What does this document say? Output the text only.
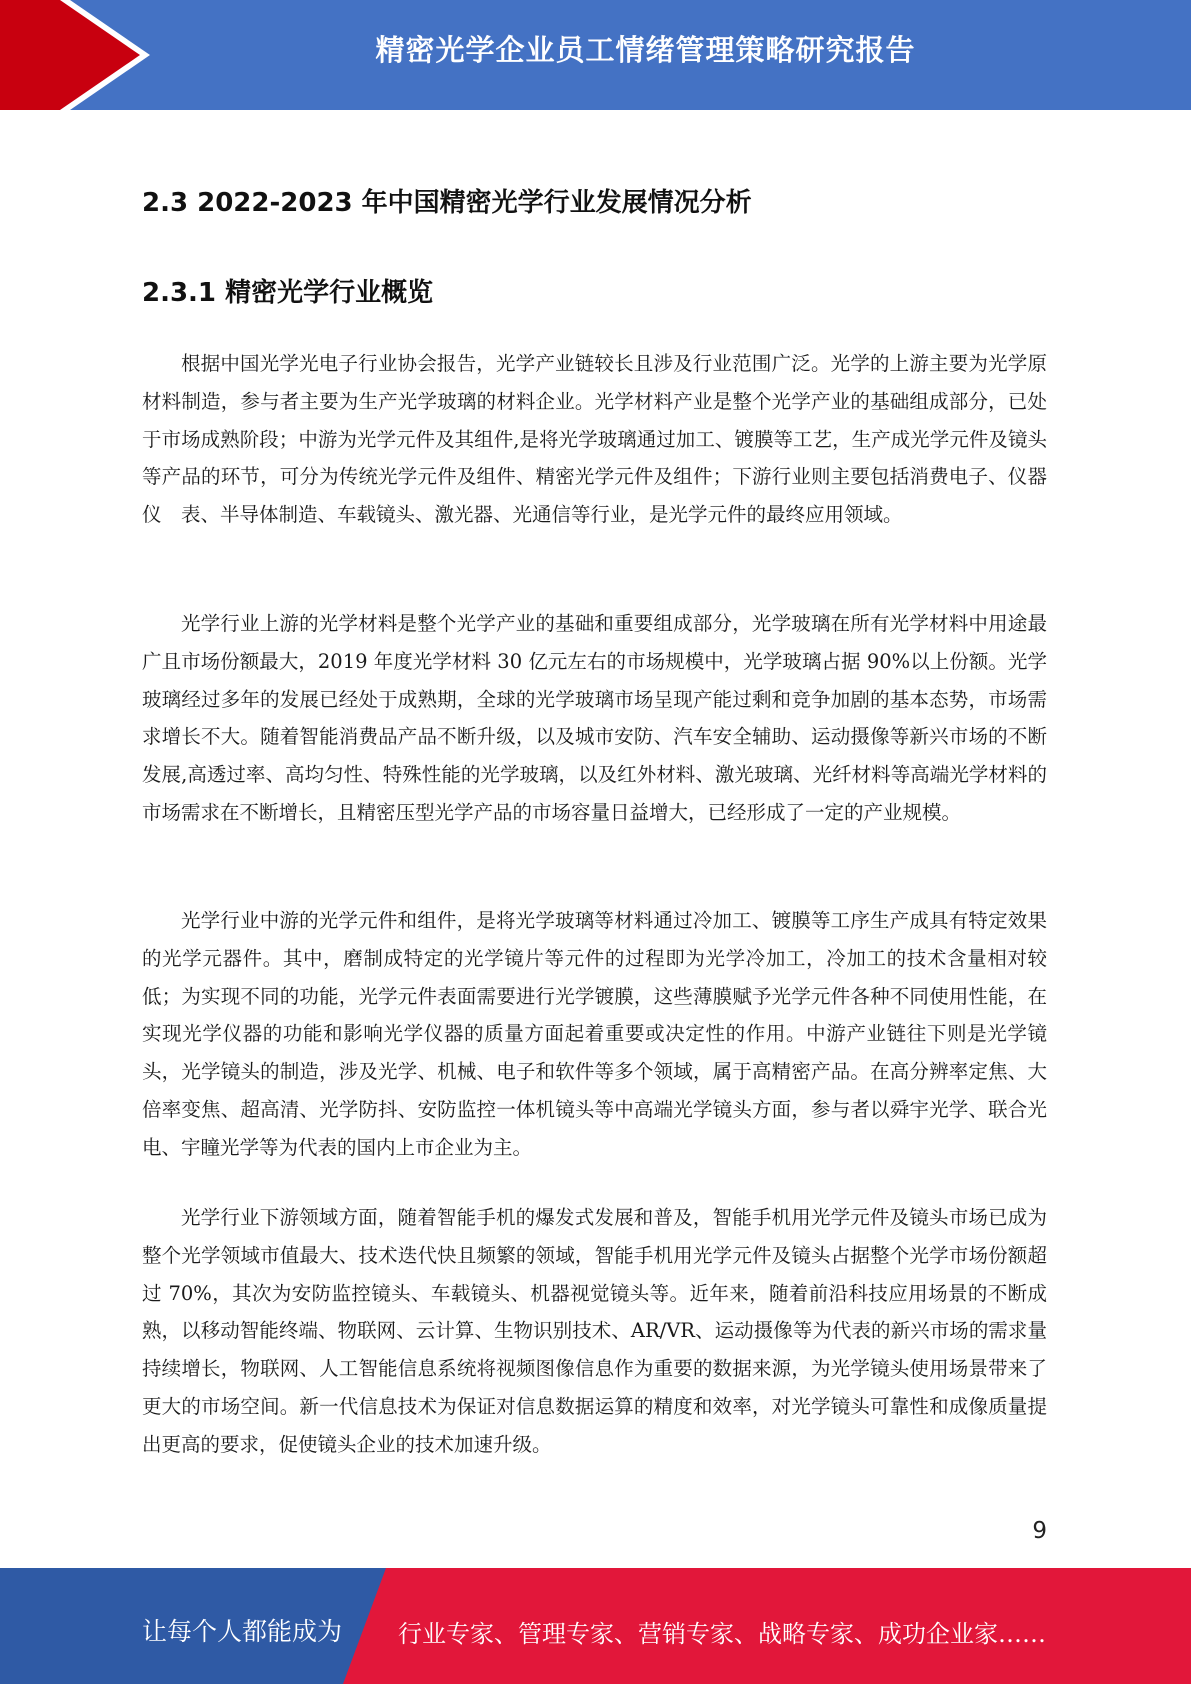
精密光学企业员工情绪管理策略研究报告
2.3 2022-2023 年中国精密光学行业发展情况分析
2.3.1 精密光学行业概览

根据中国光学光电子行业协会报告，光学产业链较长且涉及行业范围广泛。光学的上游主要为光学原材料制造，参与者主要为生产光学玻璃的材料企业。光学材料产业是整个光学产业的基础组成部分，已处于市场成熟阶段；中游为光学元件及其组件,是将光学玻璃通过加工、镀膜等工艺，生产成光学元件及镜头等产品的环节，可分为传统光学元件及组件、精密光学元件及组件；下游行业则主要包括消费电子、仪器仪　表、半导体制造、车载镜头、激光器、光通信等行业，是光学元件的最终应用领域。

光学行业上游的光学材料是整个光学产业的基础和重要组成部分，光学玻璃在所有光学材料中用途最广且市场份额最大，2019 年度光学材料 30 亿元左右的市场规模中，光学玻璃占据 90%以上份额。光学玻璃经过多年的发展已经处于成熟期，全球的光学玻璃市场呈现产能过剩和竞争加剧的基本态势，市场需求增长不大。随着智能消费品产品不断升级，以及城市安防、汽车安全辅助、运动摄像等新兴市场的不断发展,高透过率、高均匀性、特殊性能的光学玻璃，以及红外材料、激光玻璃、光纤材料等高端光学材料的市场需求在不断增长，且精密压型光学产品的市场容量日益增大，已经形成了一定的产业规模。

光学行业中游的光学元件和组件，是将光学玻璃等材料通过冷加工、镀膜等工序生产成具有特定效果的光学元器件。其中，磨制成特定的光学镜片等元件的过程即为光学冷加工，冷加工的技术含量相对较低；为实现不同的功能，光学元件表面需要进行光学镀膜，这些薄膜赋予光学元件各种不同使用性能，在实现光学仪器的功能和影响光学仪器的质量方面起着重要或决定性的作用。中游产业链往下则是光学镜头，光学镜头的制造，涉及光学、机械、电子和软件等多个领域，属于高精密产品。在高分辨率定焦、大倍率变焦、超高清、光学防抖、安防监控一体机镜头等中高端光学镜头方面，参与者以舜宇光学、联合光电、宇瞳光学等为代表的国内上市企业为主。

光学行业下游领域方面，随着智能手机的爆发式发展和普及，智能手机用光学元件及镜头市场已成为整个光学领域市值最大、技术迭代快且频繁的领域，智能手机用光学元件及镜头占据整个光学市场份额超过 70%，其次为安防监控镜头、车载镜头、机器视觉镜头等。近年来，随着前沿科技应用场景的不断成熟，以移动智能终端、物联网、云计算、生物识别技术、AR/VR、运动摄像等为代表的新兴市场的需求量持续增长，物联网、人工智能信息系统将视频图像信息作为重要的数据来源，为光学镜头使用场景带来了更大的市场空间。新一代信息技术为保证对信息数据运算的精度和效率，对光学镜头可靠性和成像质量提出更高的要求，促使镜头企业的技术加速升级。

9
让每个人都能成为 行业专家、管理专家、营销专家、战略专家、成功企业家……
